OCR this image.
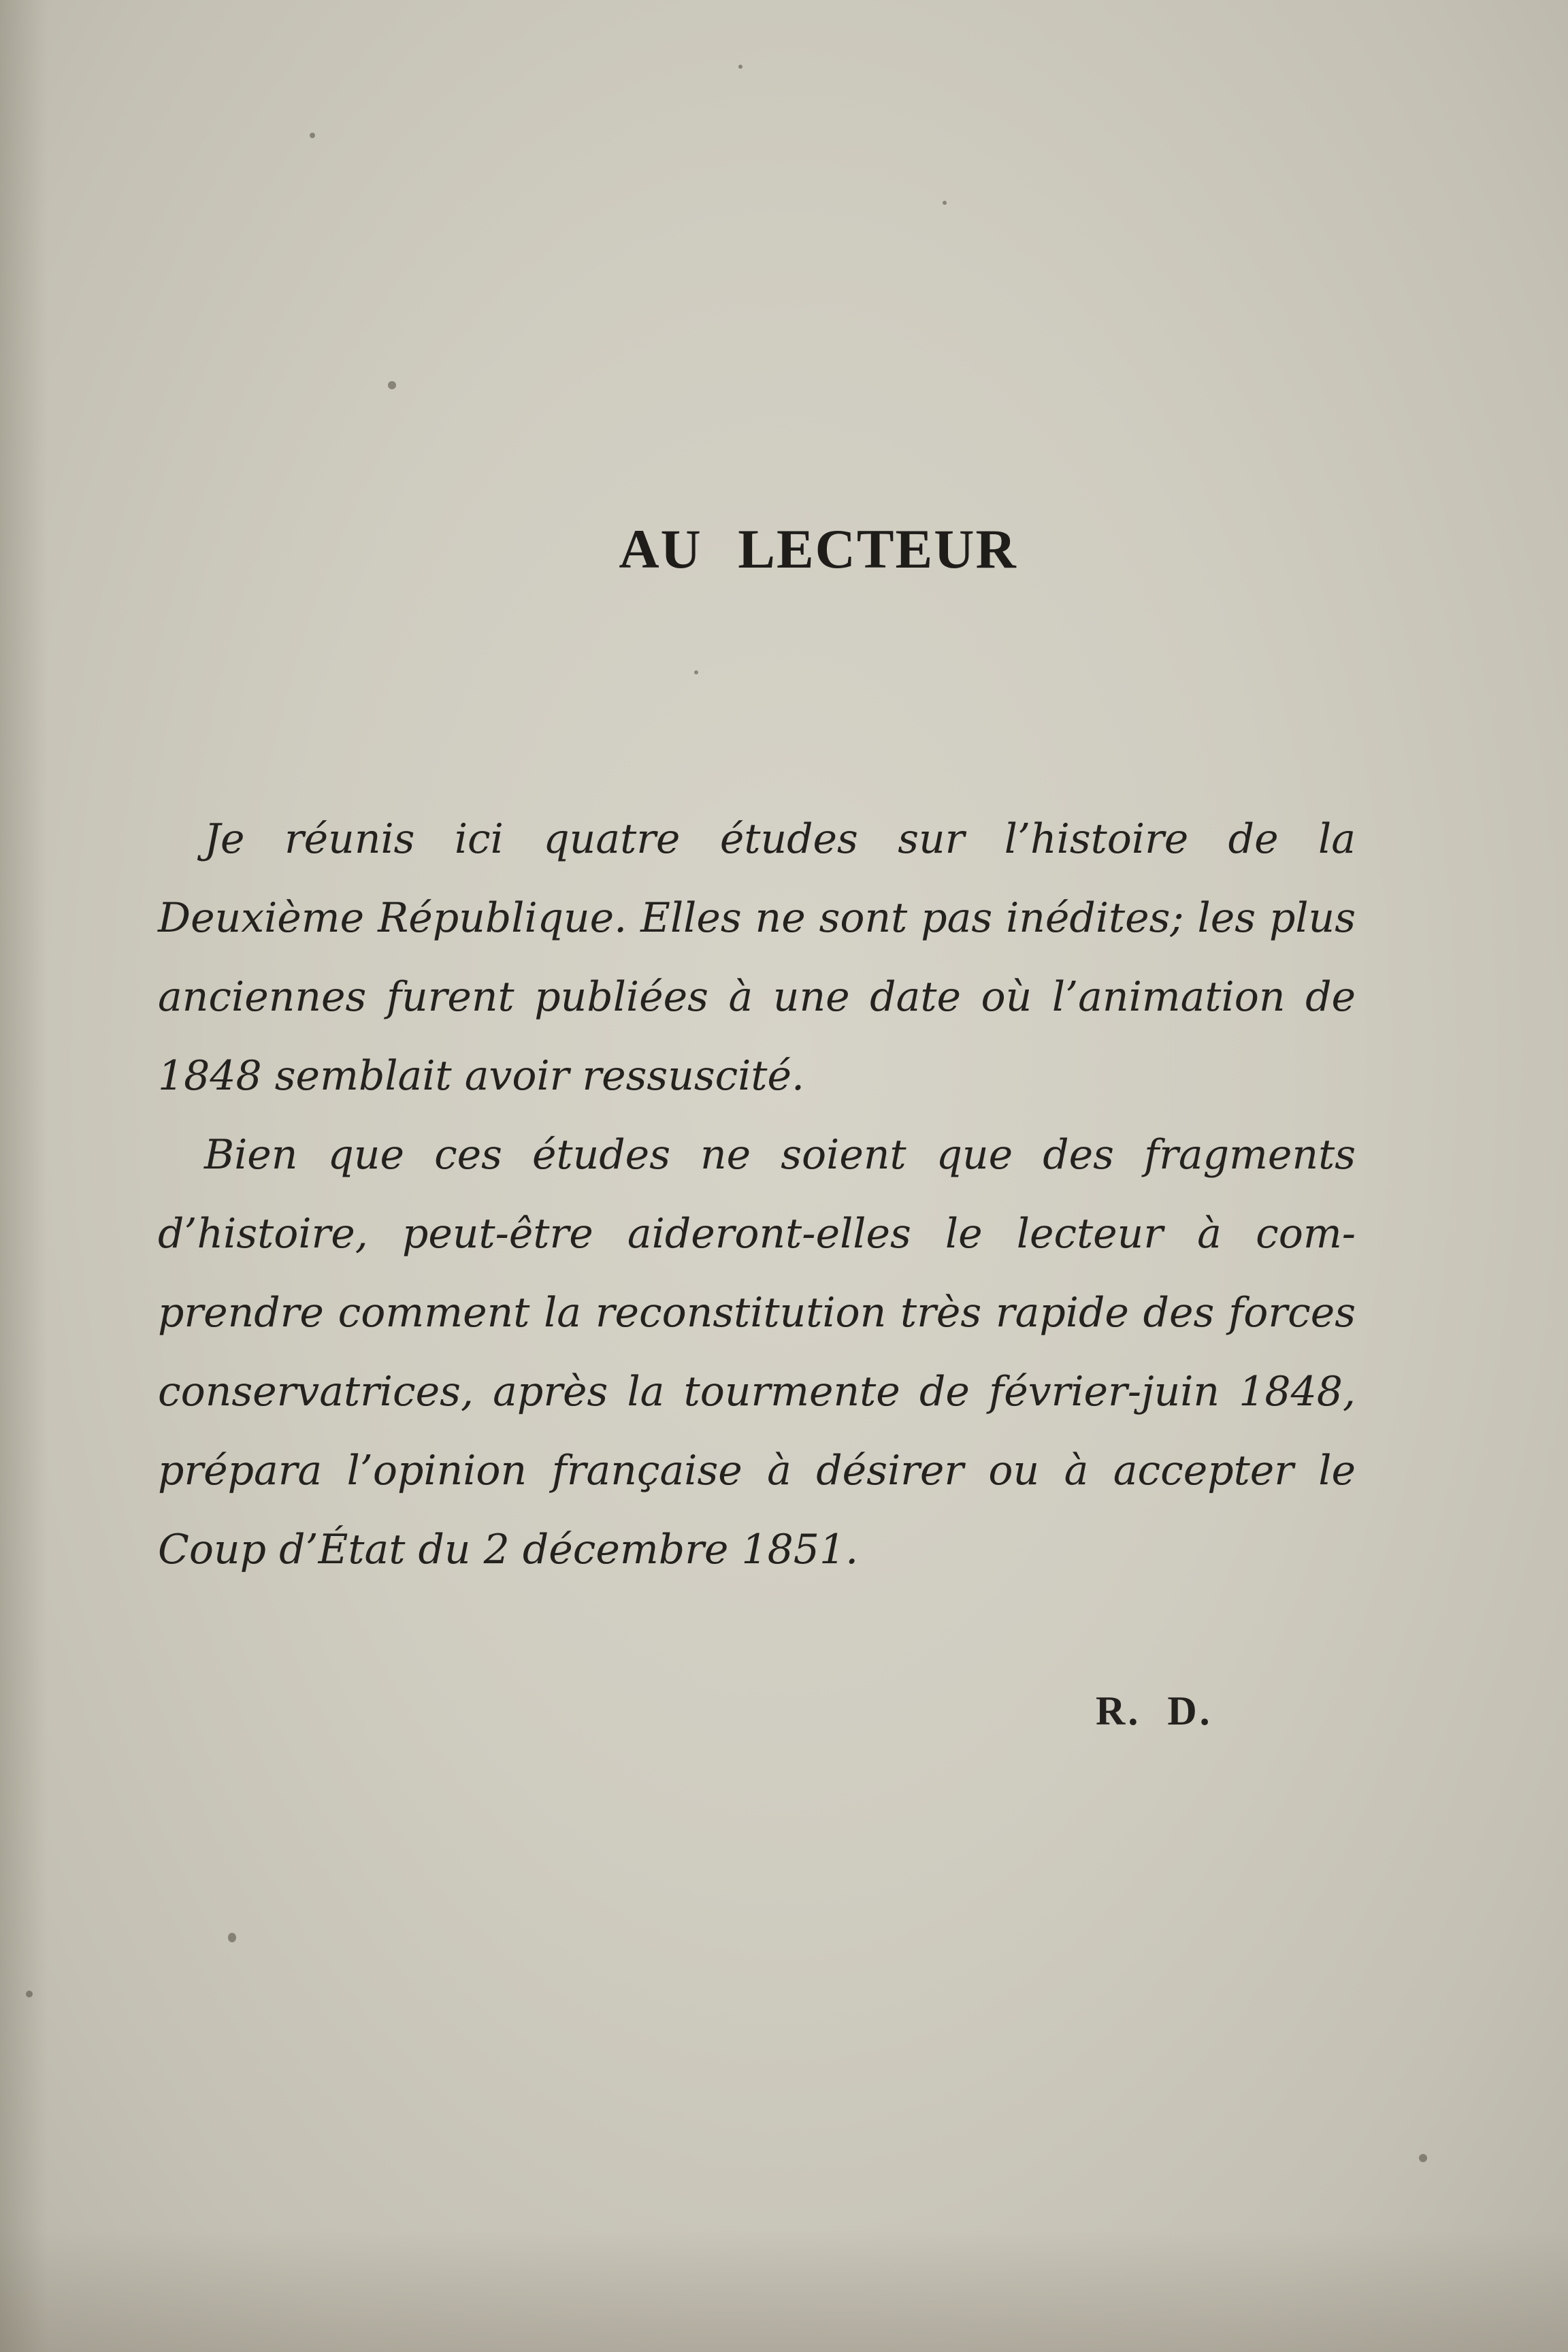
AU LECTEUR

Je réunis ici quatre études sur l’histoire de la Deuxième République. Elles ne sont pas inédites; les plus anciennes furent publiées à une date où l’animation de 1848 semblait avoir ressuscité.

Bien que ces études ne soient que des fragments d’histoire, peut-être aideront-elles le lecteur à comprendre comment la reconstitution très rapide des forces conservatrices, après la tourmente de février-juin 1848, prépara l’opinion française à désirer ou à accepter le Coup d’État du 2 décembre 1851.

R. D.
